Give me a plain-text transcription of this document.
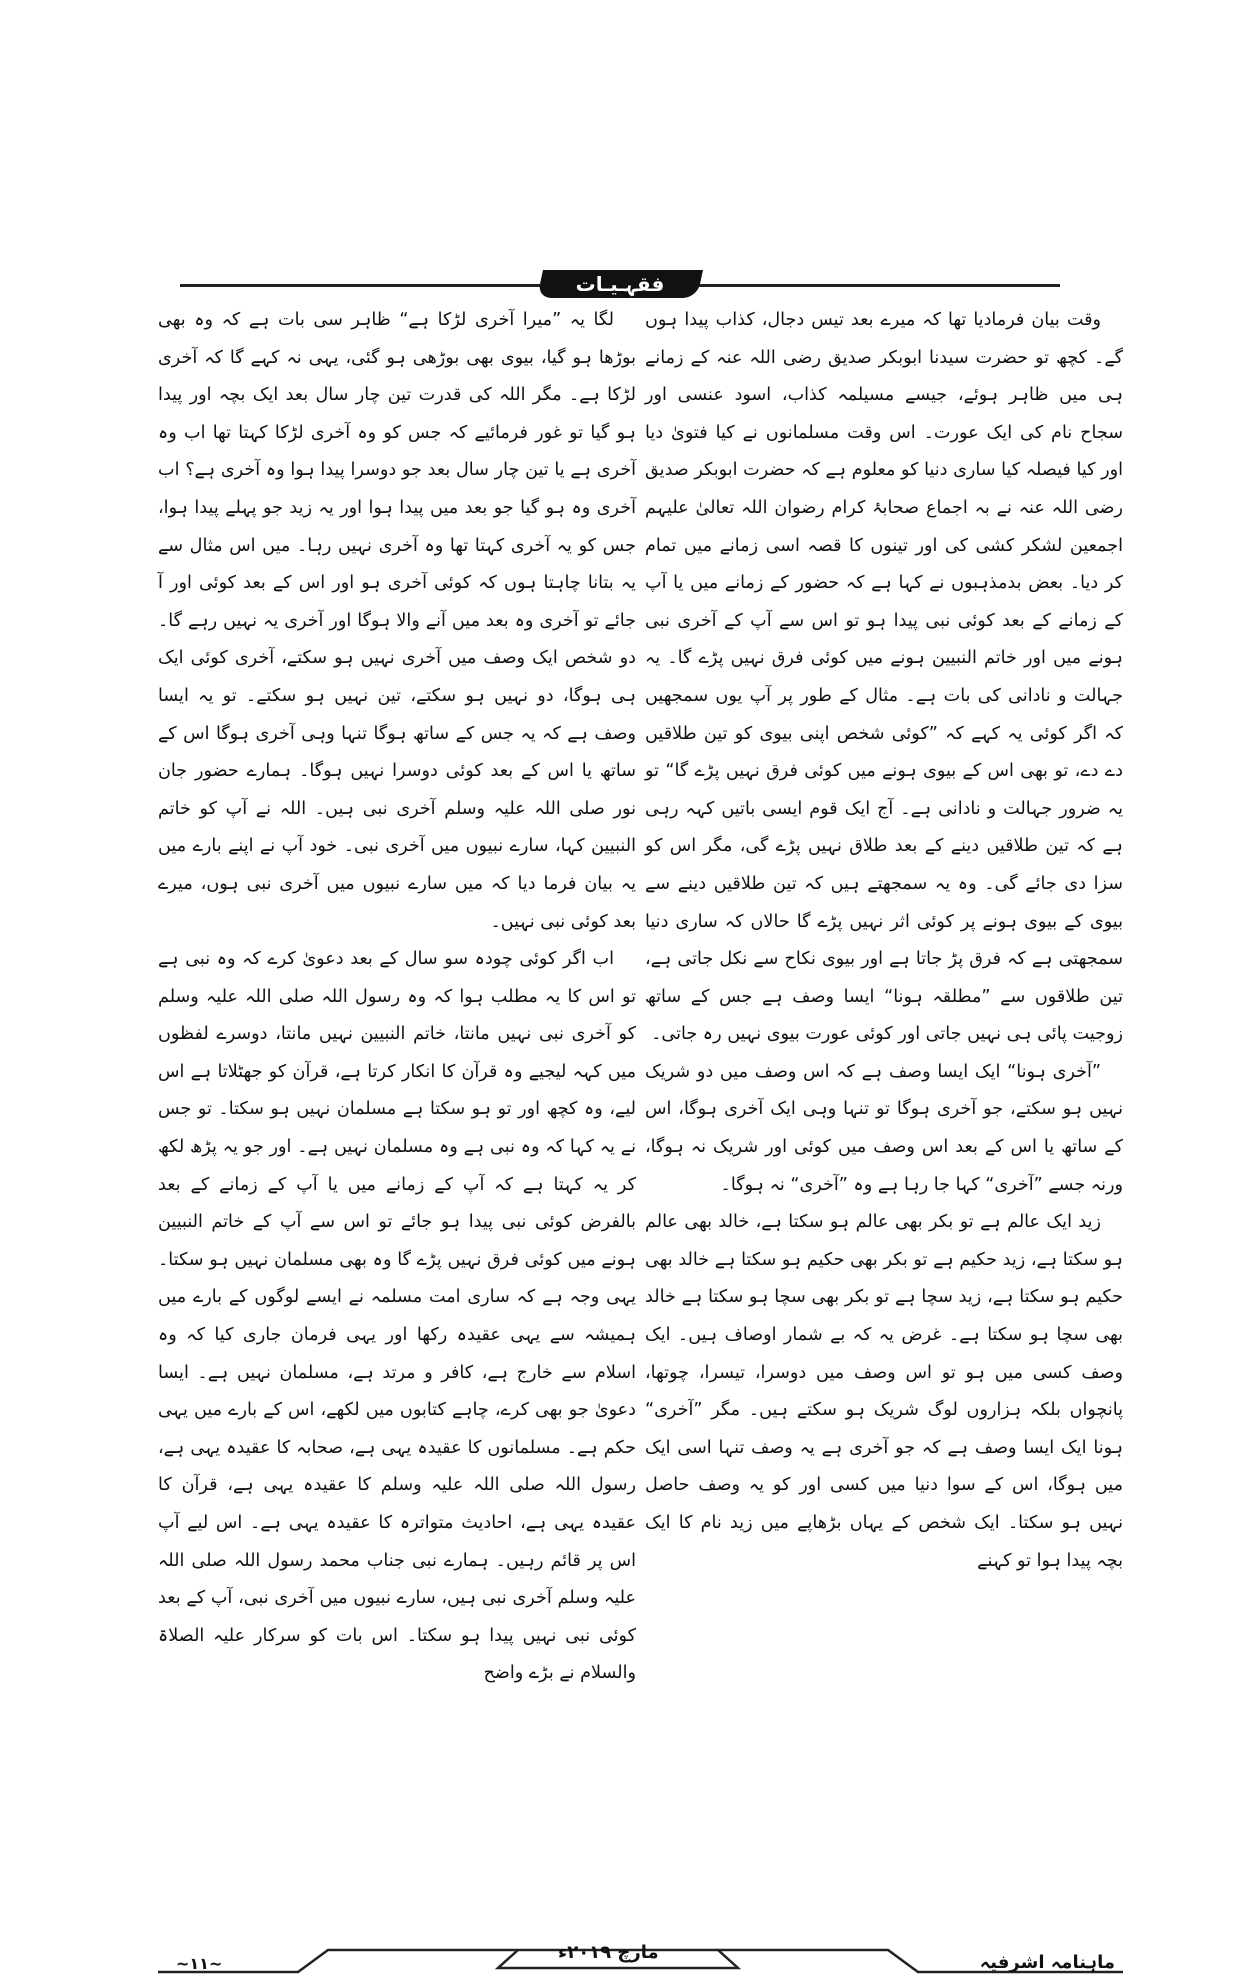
فقہـیـات

وقت بیان فرمادیا تھا کہ میرے بعد تیس دجال، کذاب پیدا ہوں گے۔ کچھ تو حضرت سیدنا ابوبکر صدیق رضی اللہ عنہ کے زمانے ہی میں ظاہر ہوئے، جیسے مسیلمہ کذاب، اسود عنسی اور سجاح نام کی ایک عورت۔ اس وقت مسلمانوں نے کیا فتویٰ دیا اور کیا فیصلہ کیا ساری دنیا کو معلوم ہے کہ حضرت ابوبکر صدیق رضی اللہ عنہ نے بہ اجماع صحابۂ کرام رضوان اللہ تعالیٰ علیہم اجمعین لشکر کشی کی اور تینوں کا قصہ اسی زمانے میں تمام کر دیا۔ بعض بدمذہبوں نے کہا ہے کہ حضور کے زمانے میں یا آپ کے زمانے کے بعد کوئی نبی پیدا ہو تو اس سے آپ کے آخری نبی ہونے میں اور خاتم النبیین ہونے میں کوئی فرق نہیں پڑے گا۔ یہ جہالت و نادانی کی بات ہے۔ مثال کے طور پر آپ یوں سمجھیں کہ اگر کوئی یہ کہے کہ ”کوئی شخص اپنی بیوی کو تین طلاقیں دے دے، تو بھی اس کے بیوی ہونے میں کوئی فرق نہیں پڑے گا“ تو یہ ضرور جہالت و نادانی ہے۔ آج ایک قوم ایسی باتیں کہہ رہی ہے کہ تین طلاقیں دینے کے بعد طلاق نہیں پڑے گی، مگر اس کو سزا دی جائے گی۔ وہ یہ سمجھتے ہیں کہ تین طلاقیں دینے سے بیوی کے بیوی ہونے پر کوئی اثر نہیں پڑے گا حالاں کہ ساری دنیا سمجھتی ہے کہ فرق پڑ جاتا ہے اور بیوی نکاح سے نکل جاتی ہے، تین طلاقوں سے ”مطلقہ ہونا“ ایسا وصف ہے جس کے ساتھ زوجیت پائی ہی نہیں جاتی اور کوئی عورت بیوی نہیں رہ جاتی۔

”آخری ہونا“ ایک ایسا وصف ہے کہ اس وصف میں دو شریک نہیں ہو سکتے، جو آخری ہوگا تو تنہا وہی ایک آخری ہوگا، اس کے ساتھ یا اس کے بعد اس وصف میں کوئی اور شریک نہ ہوگا، ورنہ جسے ”آخری“ کہا جا رہا ہے وہ ”آخری“ نہ ہوگا۔

زید ایک عالم ہے تو بکر بھی عالم ہو سکتا ہے، خالد بھی عالم ہو سکتا ہے، زید حکیم ہے تو بکر بھی حکیم ہو سکتا ہے خالد بھی حکیم ہو سکتا ہے، زید سچا ہے تو بکر بھی سچا ہو سکتا ہے خالد بھی سچا ہو سکتا ہے۔ غرض یہ کہ بے شمار اوصاف ہیں۔ ایک وصف کسی میں ہو تو اس وصف میں دوسرا، تیسرا، چوتھا، پانچواں بلکہ ہزاروں لوگ شریک ہو سکتے ہیں۔ مگر ”آخری“ ہونا ایک ایسا وصف ہے کہ جو آخری ہے یہ وصف تنہا اسی ایک میں ہوگا، اس کے سوا دنیا میں کسی اور کو یہ وصف حاصل نہیں ہو سکتا۔ ایک شخص کے یہاں بڑھاپے میں زید نام کا ایک بچہ پیدا ہوا تو کہنے

لگا یہ ”میرا آخری لڑکا ہے“ ظاہر سی بات ہے کہ وہ بھی بوڑھا ہو گیا، بیوی بھی بوڑھی ہو گئی، یہی نہ کہے گا کہ آخری لڑکا ہے۔ مگر اللہ کی قدرت تین چار سال بعد ایک بچہ اور پیدا ہو گیا تو غور فرمائیے کہ جس کو وہ آخری لڑکا کہتا تھا اب وہ آخری ہے یا تین چار سال بعد جو دوسرا پیدا ہوا وہ آخری ہے؟ اب آخری وہ ہو گیا جو بعد میں پیدا ہوا اور یہ زید جو پہلے پیدا ہوا، جس کو یہ آخری کہتا تھا وہ آخری نہیں رہا۔ میں اس مثال سے یہ بتانا چاہتا ہوں کہ کوئی آخری ہو اور اس کے بعد کوئی اور آ جائے تو آخری وہ بعد میں آنے والا ہوگا اور آخری یہ نہیں رہے گا۔ دو شخص ایک وصف میں آخری نہیں ہو سکتے، آخری کوئی ایک ہی ہوگا، دو نہیں ہو سکتے، تین نہیں ہو سکتے۔ تو یہ ایسا وصف ہے کہ یہ جس کے ساتھ ہوگا تنہا وہی آخری ہوگا اس کے ساتھ یا اس کے بعد کوئی دوسرا نہیں ہوگا۔ ہمارے حضور جان نور صلی اللہ علیہ وسلم آخری نبی ہیں۔ اللہ نے آپ کو خاتم النبیین کہا، سارے نبیوں میں آخری نبی۔ خود آپ نے اپنے بارے میں یہ بیان فرما دیا کہ میں سارے نبیوں میں آخری نبی ہوں، میرے بعد کوئی نبی نہیں۔

اب اگر کوئی چودہ سو سال کے بعد دعویٰ کرے کہ وہ نبی ہے تو اس کا یہ مطلب ہوا کہ وہ رسول اللہ صلی اللہ علیہ وسلم کو آخری نبی نہیں مانتا، خاتم النبیین نہیں مانتا، دوسرے لفظوں میں کہہ لیجیے وہ قرآن کا انکار کرتا ہے، قرآن کو جھٹلاتا ہے اس لیے، وہ کچھ اور تو ہو سکتا ہے مسلمان نہیں ہو سکتا۔ تو جس نے یہ کہا کہ وہ نبی ہے وہ مسلمان نہیں ہے۔ اور جو یہ پڑھ لکھ کر یہ کہتا ہے کہ آپ کے زمانے میں یا آپ کے زمانے کے بعد بالفرض کوئی نبی پیدا ہو جائے تو اس سے آپ کے خاتم النبیین ہونے میں کوئی فرق نہیں پڑے گا وہ بھی مسلمان نہیں ہو سکتا۔ یہی وجہ ہے کہ ساری امت مسلمہ نے ایسے لوگوں کے بارے میں ہمیشہ سے یہی عقیدہ رکھا اور یہی فرمان جاری کیا کہ وہ اسلام سے خارج ہے، کافر و مرتد ہے، مسلمان نہیں ہے۔ ایسا دعویٰ جو بھی کرے، چاہے کتابوں میں لکھے، اس کے بارے میں یہی حکم ہے۔ مسلمانوں کا عقیدہ یہی ہے، صحابہ کا عقیدہ یہی ہے، رسول اللہ صلی اللہ علیہ وسلم کا عقیدہ یہی ہے، قرآن کا عقیدہ یہی ہے، احادیث متواترہ کا عقیدہ یہی ہے۔ اس لیے آپ اس پر قائم رہیں۔ ہمارے نبی جناب محمد رسول اللہ صلی اللہ علیہ وسلم آخری نبی ہیں، سارے نبیوں میں آخری نبی، آپ کے بعد کوئی نبی نہیں پیدا ہو سکتا۔ اس بات کو سرکار علیہ الصلاۃ والسلام نے بڑے واضح

ماہنامہ اشرفیہ
مارچ ۲۰۱۹ء
~۱۱~
